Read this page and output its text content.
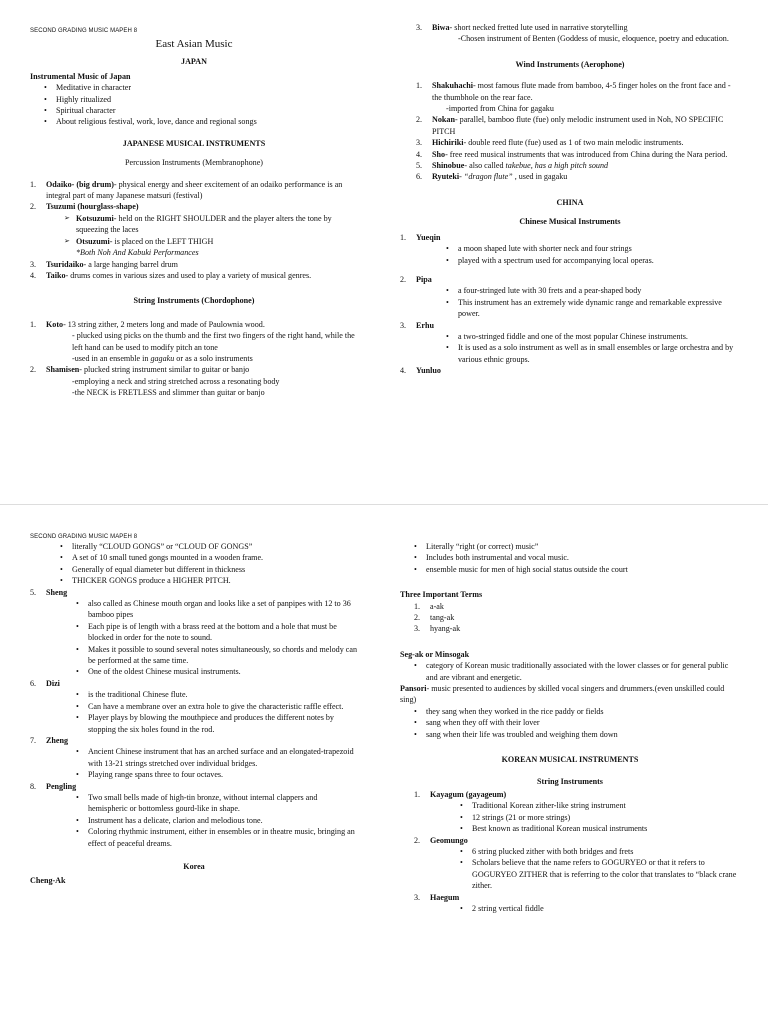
SECOND GRADING MUSIC MAPEH 8
East Asian Music
JAPAN
Instrumental Music of Japan
• Meditative in character
• Highly ritualized
• Spiritual character
• About religious festival, work, love, dance and regional songs
JAPANESE MUSICAL INSTRUMENTS
Percussion Instruments (Membranophone)
1. Odaiko- (big drum)- physical energy and sheer excitement of an odaiko performance is an integral part of many Japanese matsuri (festival)
2. Tsuzumi (hourglass-shape)
➢ Kotsuzumi- held on the RIGHT SHOULDER and the player alters the tone by squeezing the laces
➢ Otsuzumi- is placed on the LEFT THIGH
*Both Noh And Kabuki Performances
3. Tsuridaiko- a large hanging barrel drum
4. Taiko- drums comes in various sizes and used to play a variety of musical genres.
String Instruments (Chordophone)
1. Koto- 13 string zither, 2 meters long and made of Paulownia wood.
- plucked using picks on the thumb and the first two fingers of the right hand, while the left hand can be used to modify pitch an tone
-used in an ensemble in gagaku or as a solo instruments
2. Shamisen- plucked string instrument similar to guitar or banjo
-employing a neck and string stretched across a resonating body
-the NECK is FRETLESS and slimmer than guitar or banjo
3. Biwa- short necked fretted lute used in narrative storytelling
-Chosen instrument of Benten (Goddess of music, eloquence, poetry and education.
Wind Instruments (Aerophone)
1. Shakuhachi- most famous flute made from bamboo, 4-5 finger holes on the front face and -the thumbhole on the rear face.
-imported from China for gagaku
2. Nokan- parallel, bamboo flute (fue) only melodic instrument used in Noh, NO SPECIFIC PITCH
3. Hichiriki- double reed flute (fue) used as 1 of two main melodic instruments.
4. Sho- free reed musical instruments that was introduced from China during the Nara period.
5. Shinobue- also called takebue, has a high pitch sound
6. Ryuteki- “dragon flute” , used in gagaku
CHINA
Chinese Musical Instruments
1. Yueqin
• a moon shaped lute with shorter neck and four strings
• played with a spectrum used for accompanying local operas.
2. Pipa
• a four-stringed lute with 30 frets and a pear-shaped body
• This instrument has an extremely wide dynamic range and remarkable expressive power.
3. Erhu
• a two-stringed fiddle and one of the most popular Chinese instruments.
• It is used as a solo instrument as well as in small ensembles or large orchestra and by various ethnic groups.
4. Yunluo
SECOND GRADING MUSIC MAPEH 8
• literally “CLOUD GONGS” or “CLOUD OF GONGS”
• A set of 10 small tuned gongs mounted in a wooden frame.
• Generally of equal diameter but different in thickness
• THICKER GONGS produce a HIGHER PITCH.
5. Sheng
• also called as Chinese mouth organ and looks like a set of panpipes with 12 to 36 bamboo pipes
• Each pipe is of length with a brass reed at the bottom and a hole that must be blocked in order for the note to sound.
• Makes it possible to sound several notes simultaneously, so chords and melody can be performed at the same time.
• One of the oldest Chinese musical instruments.
6. Dizi
• is the traditional Chinese flute.
• Can have a membrane over an extra hole to give the characteristic raffle effect.
• Player plays by blowing the mouthpiece and produces the different notes by stopping the six holes found in the rod.
7. Zheng
• Ancient Chinese instrument that has an arched surface and an elongated-trapezoid with 13-21 strings stretched over individual bridges.
• Playing range spans three to four octaves.
8. Pengling
• Two small bells made of high-tin bronze, without internal clappers and hemispheric or bottomless gourd-like in shape.
• Instrument has a delicate, clarion and melodious tone.
• Coloring rhythmic instrument, either in ensembles or in theatre music, bringing an effect of peaceful dreams.
Korea
Cheng-Ak
• Literally “right (or correct) music”
• Includes both instrumental and vocal music.
• ensemble music for men of high social status outside the court
Three Important Terms
1. a-ak
2. tang-ak
3. hyang-ak
Seg-ak or Minsogak
• category of Korean music traditionally associated with the lower classes or for general public and are vibrant and energetic.
Pansori- music presented to audiences by skilled vocal singers and drummers.(even unskilled could sing)
• they sang when they worked in the rice paddy or fields
• sang when they off with their lover
• sang when their life was troubled and weighing them down
KOREAN MUSICAL INSTRUMENTS
String Instruments
1. Kayagum (gayageum)
• Traditional Korean zither-like string instrument
• 12 strings (21 or more strings)
• Best known as traditional Korean musical instruments
2. Geomungo
• 6 string plucked zither with both bridges and frets
• Scholars believe that the name refers to GOGURYEO or that it refers to GOGURYEO ZITHER that is referring to the color that translates to “black crane zither.
3. Haegum
• 2 string vertical fiddle
